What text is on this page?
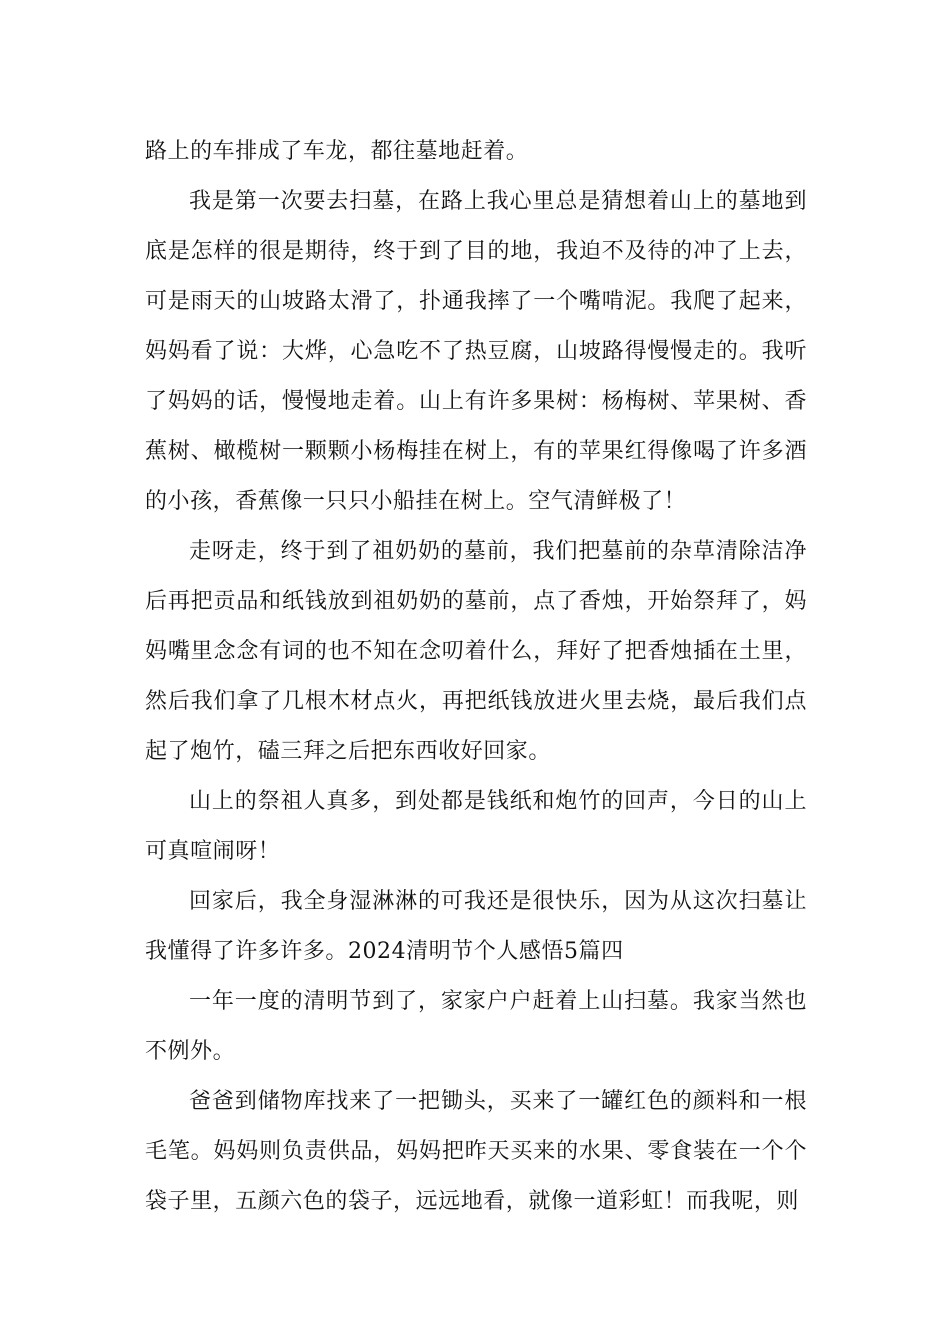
路上的车排成了车龙，都往墓地赶着。

我是第一次要去扫墓，在路上我心里总是猜想着山上的墓地到底是怎样的很是期待，终于到了目的地，我迫不及待的冲了上去，可是雨天的山坡路太滑了，扑通我摔了一个嘴啃泥。我爬了起来，妈妈看了说：大烨，心急吃不了热豆腐，山坡路得慢慢走的。我听了妈妈的话，慢慢地走着。山上有许多果树：杨梅树、苹果树、香蕉树、橄榄树一颗颗小杨梅挂在树上，有的苹果红得像喝了许多酒的小孩，香蕉像一只只小船挂在树上。空气清鲜极了！

走呀走，终于到了祖奶奶的墓前，我们把墓前的杂草清除洁净后再把贡品和纸钱放到祖奶奶的墓前，点了香烛，开始祭拜了，妈妈嘴里念念有词的也不知在念叨着什么，拜好了把香烛插在土里，然后我们拿了几根木材点火，再把纸钱放进火里去烧，最后我们点起了炮竹，磕三拜之后把东西收好回家。

山上的祭祖人真多，到处都是钱纸和炮竹的回声，今日的山上可真喧闹呀！

回家后，我全身湿淋淋的可我还是很快乐，因为从这次扫墓让我懂得了许多许多。2024清明节个人感悟5篇四

一年一度的清明节到了，家家户户赶着上山扫墓。我家当然也不例外。

爸爸到储物库找来了一把锄头，买来了一罐红色的颜料和一根毛笔。妈妈则负责供品，妈妈把昨天买来的水果、零食装在一个个袋子里，五颜六色的袋子，远远地看，就像一道彩虹！而我呢，则
